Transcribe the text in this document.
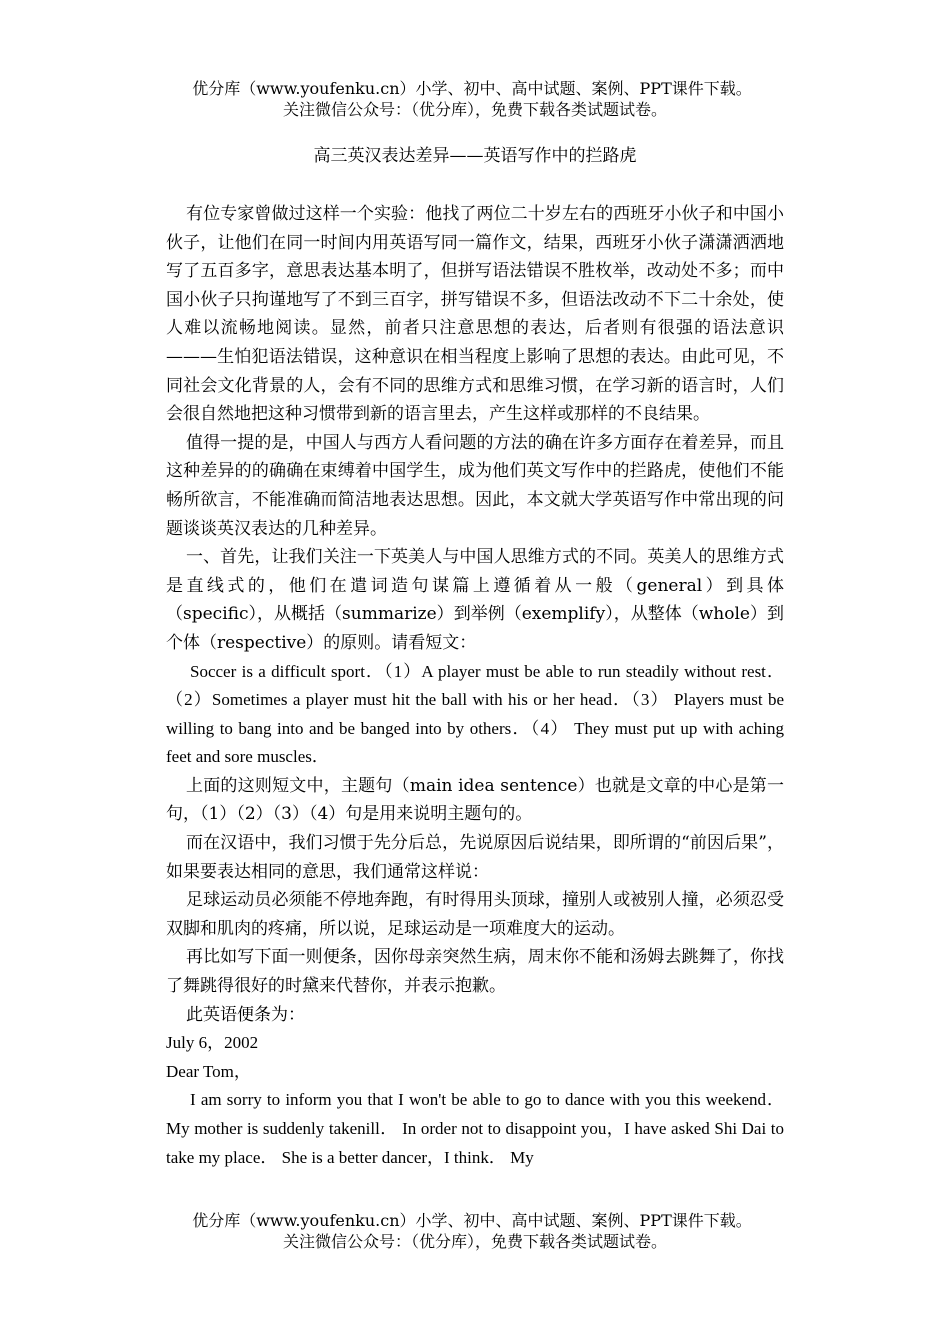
优分库（www.youfenku.cn）小学、初中、高中试题、案例、PPT课件下载。
关注微信公众号：（优分库），免费下载各类试题试卷。
高三英汉表达差异——英语写作中的拦路虎

有位专家曾做过这样一个实验：他找了两位二十岁左右的西班牙小伙子和中国小伙子，让他们在同一时间内用英语写同一篇作文，结果，西班牙小伙子潇潇洒洒地写了五百多字，意思表达基本明了，但拼写语法错误不胜枚举，改动处不多；而中国小伙子只拘谨地写了不到三百字，拼写错误不多，但语法改动不下二十余处，使人难以流畅地阅读。显然，前者只注意思想的表达，后者则有很强的语法意识———生怕犯语法错误，这种意识在相当程度上影响了思想的表达。由此可见，不同社会文化背景的人，会有不同的思维方式和思维习惯，在学习新的语言时，人们会很自然地把这种习惯带到新的语言里去，产生这样或那样的不良结果。

值得一提的是，中国人与西方人看问题的方法的确在许多方面存在着差异，而且这种差异的的确确在束缚着中国学生，成为他们英文写作中的拦路虎，使他们不能畅所欲言，不能准确而简洁地表达思想。因此，本文就大学英语写作中常出现的问题谈谈英汉表达的几种差异。

一、首先，让我们关注一下英美人与中国人思维方式的不同。英美人的思维方式是直线式的，他们在遣词造句谋篇上遵循着从一般（general）到具体（specific），从概括（summarize）到举例（exemplify），从整体（whole）到个体（respective）的原则。请看短文：

Soccer is a difficult sport．（1）A player must be able to run steadily without rest．（2）Sometimes a player must hit the ball with his or her head．（3） Players must be willing to bang into and be banged into by others．（4） They must put up with aching feet and sore muscles．

上面的这则短文中，主题句（main idea sentence）也就是文章的中心是第一句，（1）（2）（3）（4）句是用来说明主题句的。

而在汉语中，我们习惯于先分后总，先说原因后说结果，即所谓的“前因后果”，如果要表达相同的意思，我们通常这样说：

足球运动员必须能不停地奔跑，有时得用头顶球，撞别人或被别人撞，必须忍受双脚和肌肉的疼痛，所以说，足球运动是一项难度大的运动。

再比如写下面一则便条，因你母亲突然生病，周末你不能和汤姆去跳舞了，你找了舞跳得很好的时黛来代替你，并表示抱歉。

此英语便条为：

July 6，2002

Dear Tom，

I am sorry to inform you that I won't be able to go to dance with you this weekend． My mother is suddenly takenill． In order not to disappoint you，I have asked Shi Dai to take my place． She is a better dancer，I think． My

优分库（www.youfenku.cn）小学、初中、高中试题、案例、PPT课件下载。
关注微信公众号：（优分库），免费下载各类试题试卷。
